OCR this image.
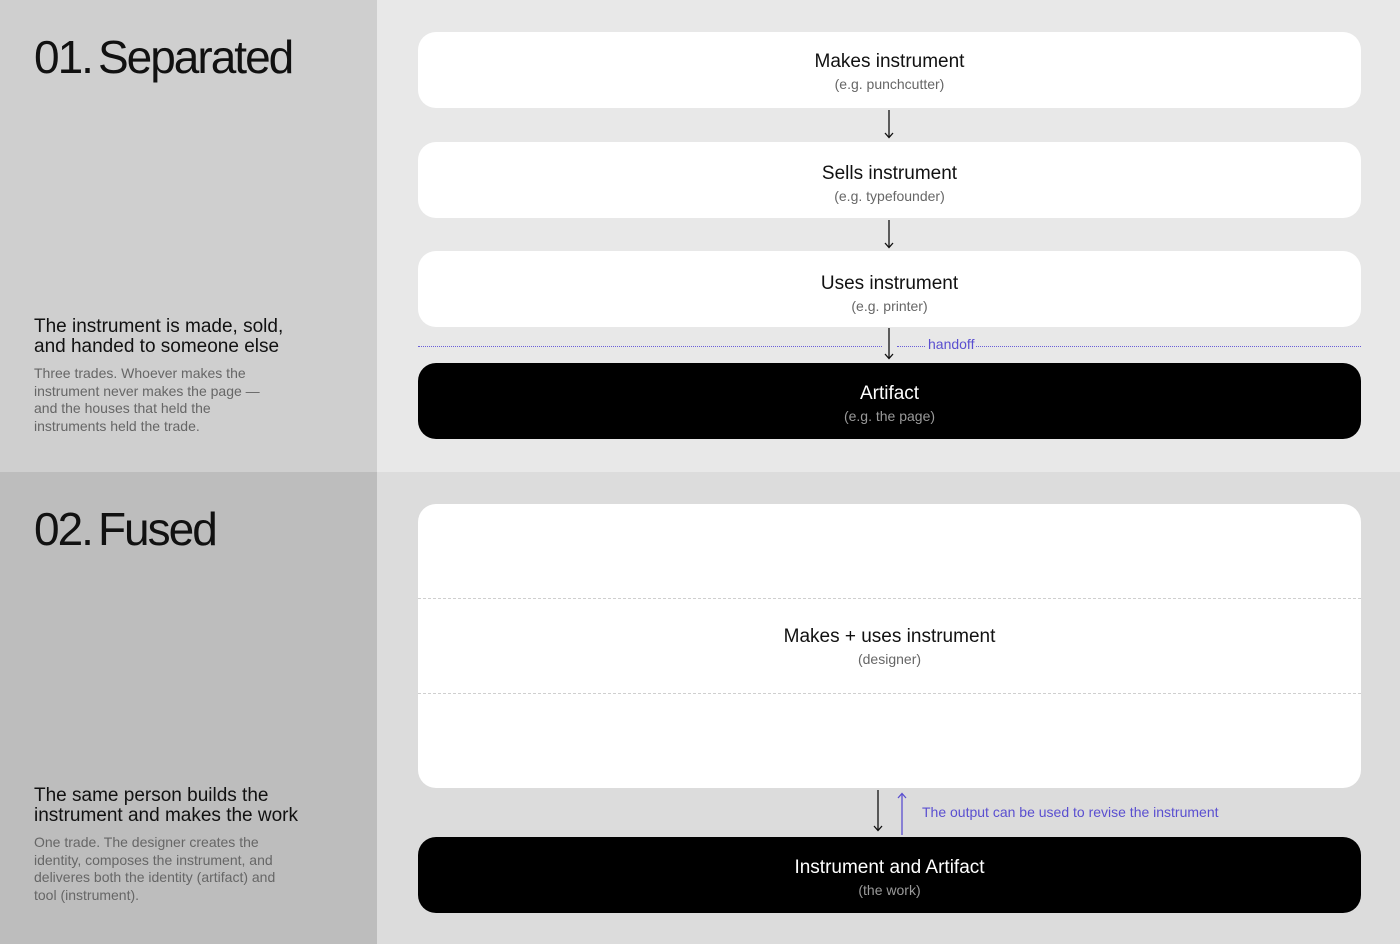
01. Separated
The instrument is made, sold, and handed to someone else
Three trades. Whoever makes the instrument never makes the page — and the houses that held the instruments held the trade.
02. Fused
The same person builds the instrument and makes the work
One trade. The designer creates the identity, composes the instrument, and deliveres both the identity (artifact) and tool (instrument).
Makes instrument
(e.g. punchcutter)
Sells instrument
(e.g. typefounder)
Uses instrument
(e.g. printer)
handoff
Artifact
(e.g. the page)
Makes + uses instrument
(designer)
The output can be used to revise the instrument
Instrument and Artifact
(the work)
